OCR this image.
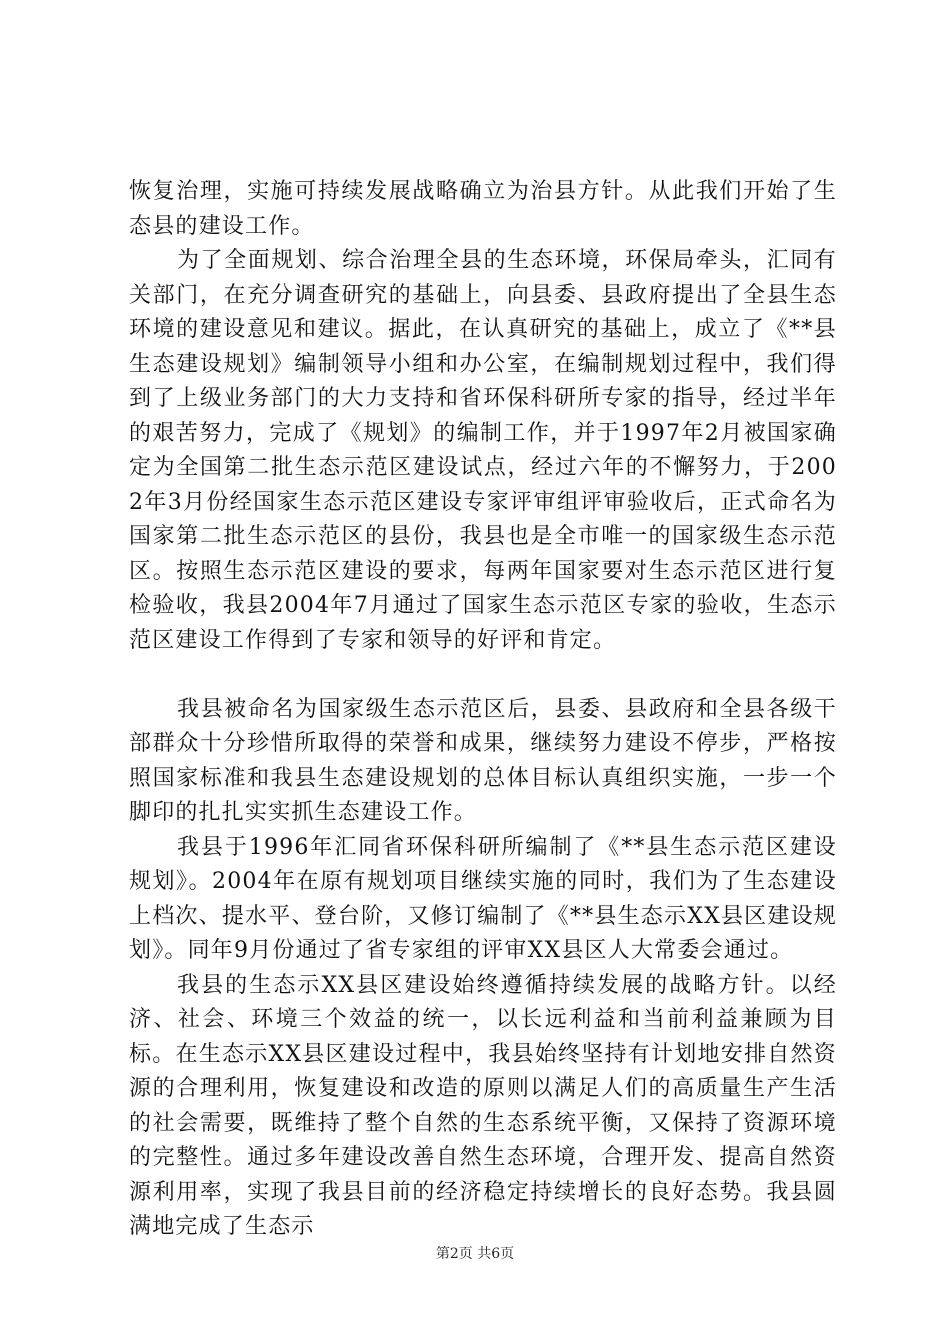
恢复治理，实施可持续发展战略确立为治县方针。从此我们开始了生态县的建设工作。

为了全面规划、综合治理全县的生态环境，环保局牵头，汇同有关部门，在充分调查研究的基础上，向县委、县政府提出了全县生态环境的建设意见和建议。据此，在认真研究的基础上，成立了《**县生态建设规划》编制领导小组和办公室，在编制规划过程中，我们得到了上级业务部门的大力支持和省环保科研所专家的指导，经过半年的艰苦努力，完成了《规划》的编制工作，并于1997年2月被国家确定为全国第二批生态示范区建设试点，经过六年的不懈努力，于2002年3月份经国家生态示范区建设专家评审组评审验收后，正式命名为国家第二批生态示范区的县份，我县也是全市唯一的国家级生态示范区。按照生态示范区建设的要求，每两年国家要对生态示范区进行复检验收，我县2004年7月通过了国家生态示范区专家的验收，生态示范区建设工作得到了专家和领导的好评和肯定。

我县被命名为国家级生态示范区后，县委、县政府和全县各级干部群众十分珍惜所取得的荣誉和成果，继续努力建设不停步，严格按照国家标准和我县生态建设规划的总体目标认真组织实施，一步一个脚印的扎扎实实抓生态建设工作。

我县于1996年汇同省环保科研所编制了《**县生态示范区建设规划》。2004年在原有规划项目继续实施的同时，我们为了生态建设上档次、提水平、登台阶，又修订编制了《**县生态示XX县区建设规划》。同年9月份通过了省专家组的评审XX县区人大常委会通过。

我县的生态示XX县区建设始终遵循持续发展的战略方针。以经济、社会、环境三个效益的统一，以长远利益和当前利益兼顾为目标。在生态示XX县区建设过程中，我县始终坚持有计划地安排自然资源的合理利用，恢复建设和改造的原则以满足人们的高质量生产生活的社会需要，既维持了整个自然的生态系统平衡，又保持了资源环境的完整性。通过多年建设改善自然生态环境，合理开发、提高自然资源利用率，实现了我县目前的经济稳定持续增长的良好态势。我县圆满地完成了生态示

第2页 共6页
